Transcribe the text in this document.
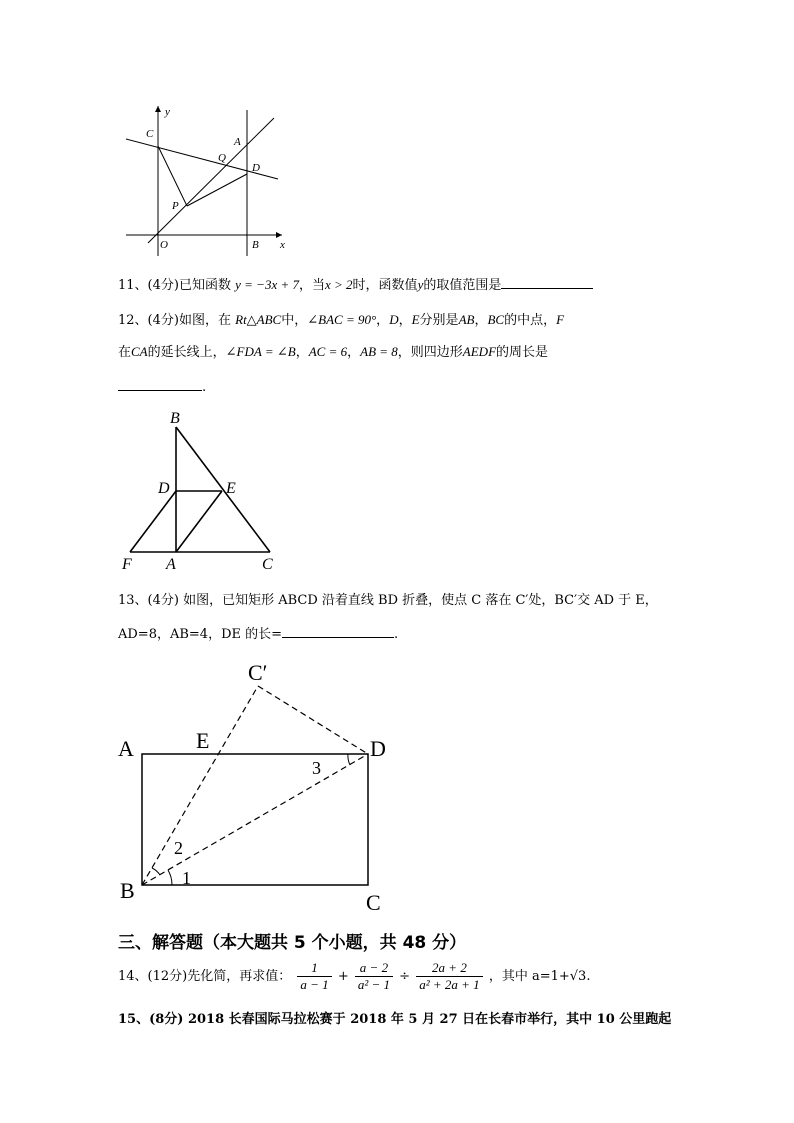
C
y
A
Q
D
P
O	B x
11、(4分)已知函数 y = −3x + 7，当x > 2时，函数值y的取值范围是
12、(4分)如图，在 Rt△ABC中，∠BAC = 90°，D，E分别是AB，BC的中点，F
在CA的延长线上，∠FDA = ∠B，AC = 6，AB = 8，则四边形AEDF的周长是
.
B
D	E
F A	C
13、(4分) 如图，已知矩形 ABCD 沿着直线 BD 折叠，使点 C 落在 C′处，BC′交 AD 于 E，
AD=8，AB=4，DE 的长=	.
C′
A	E	D
B	C
1
2
3
三、解答题（本大题共 5 个小题，共 48 分）
14、(12分)先化简，再求值： $\frac{1}{a - 1} + \frac{a - 2}{\text{a² − 1}} \div \frac{2a + 2}{\text{a² + 2a + 1}}$ ，其中 a=1+√3.
15、(8分) 2018 长春国际马拉松赛于 2018 年 5 月 27 日在长春市举行，其中 10 公里跑起
